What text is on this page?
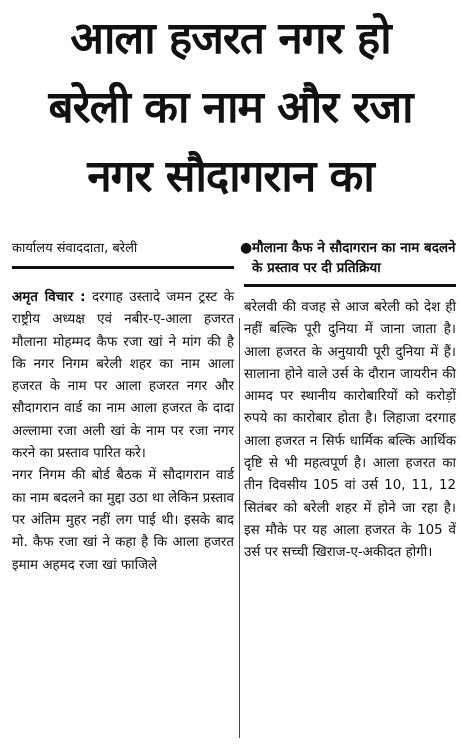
आला हजरत नगर हो
बरेली का नाम और रजा
नगर सौदागरान का
कार्यालय संवाददाता, बरेली

अमृत विचार : दरगाह उस्तादे जमन ट्रस्ट के राष्ट्रीय अध्यक्ष एवं नबीर-ए-आला हजरत मौलाना मोहम्मद कैफ रजा खां ने मांग की है कि नगर निगम बरेली शहर का नाम आला हजरत के नाम पर आला हजरत नगर और सौदागरान वार्ड का नाम आला हजरत के दादा अल्लामा रजा अली खां के नाम पर रजा नगर करने का प्रस्ताव पारित करे।

नगर निगम की बोर्ड बैठक में सौदागरान वार्ड का नाम बदलने का मुद्दा उठा था लेकिन प्रस्ताव पर अंतिम मुहर नहीं लग पाई थी। इसके बाद मो. कैफ रजा खां ने कहा है कि आला हजरत इमाम अहमद रजा खां फाजिले

● मौलाना कैफ ने सौदागरान का नाम बदलने के प्रस्ताव पर दी प्रतिक्रिया
बरेलवी की वजह से आज बरेली को देश ही नहीं बल्कि पूरी दुनिया में जाना जाता है। आला हजरत के अनुयायी पूरी दुनिया में हैं। सालाना होने वाले उर्स के दौरान जायरीन की आमद पर स्थानीय कारोबारियों को करोड़ों रुपये का कारोबार होता है। लिहाजा दरगाह आला हजरत न सिर्फ धार्मिक बल्कि आर्थिक दृष्टि से भी महत्वपूर्ण है। आला हजरत का तीन दिवसीय 105 वां उर्स 10, 11, 12 सितंबर को बरेली शहर में होने जा रहा है। इस मौके पर यह आला हजरत के 105 वें उर्स पर सच्ची खिराज-ए-अकीदत होगी।
